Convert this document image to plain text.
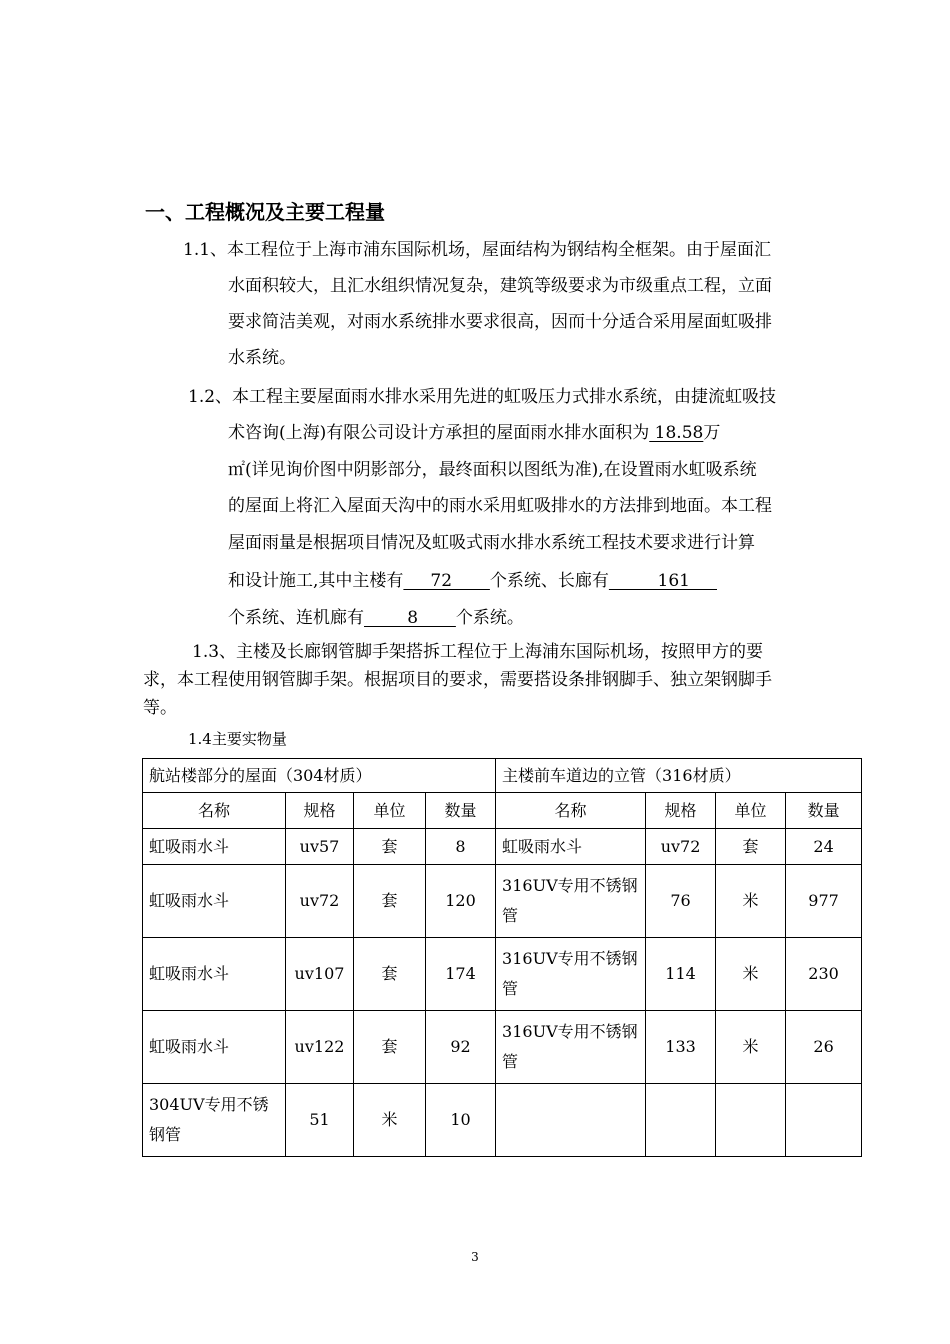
一、工程概况及主要工程量
1.1、本工程位于上海市浦东国际机场，屋面结构为钢结构全框架。由于屋面汇
水面积较大，且汇水组织情况复杂，建筑等级要求为市级重点工程，立面
要求简洁美观，对雨水系统排水要求很高，因而十分适合采用屋面虹吸排
水系统。
1.2、本工程主要屋面雨水排水采用先进的虹吸压力式排水系统，由捷流虹吸技
术咨询(上海)有限公司设计方承担的屋面雨水排水面积为 18.58万
㎡(详见询价图中阴影部分，最终面积以图纸为准),在设置雨水虹吸系统
的屋面上将汇入屋面天沟中的雨水采用虹吸排水的方法排到地面。本工程
屋面雨量是根据项目情况及虹吸式雨水排水系统工程技术要求进行计算
和设计施工,其中主楼有     72       个系统、长廊有         161
个系统、连机廊有        8       个系统。
1.3、主楼及长廊钢管脚手架搭拆工程位于上海浦东国际机场，按照甲方的要
求，本工程使用钢管脚手架。根据项目的要求，需要搭设条排钢脚手、独立架钢脚手
等。
1.4主要实物量
航站楼部分的屋面（304材质）				主楼前车道边的立管（316材质）			
名称	规格	单位	数量	名称	规格	单位	数量
虹吸雨水斗	uv57	套	8	虹吸雨水斗	uv72	套	24
虹吸雨水斗	uv72	套	120	316UV专用不锈钢管	76	米	977
虹吸雨水斗	uv107	套	174	316UV专用不锈钢管	114	米	230
虹吸雨水斗	uv122	套	92	316UV专用不锈钢管	133	米	26
304UV专用不锈钢管	51	米	10				
3
